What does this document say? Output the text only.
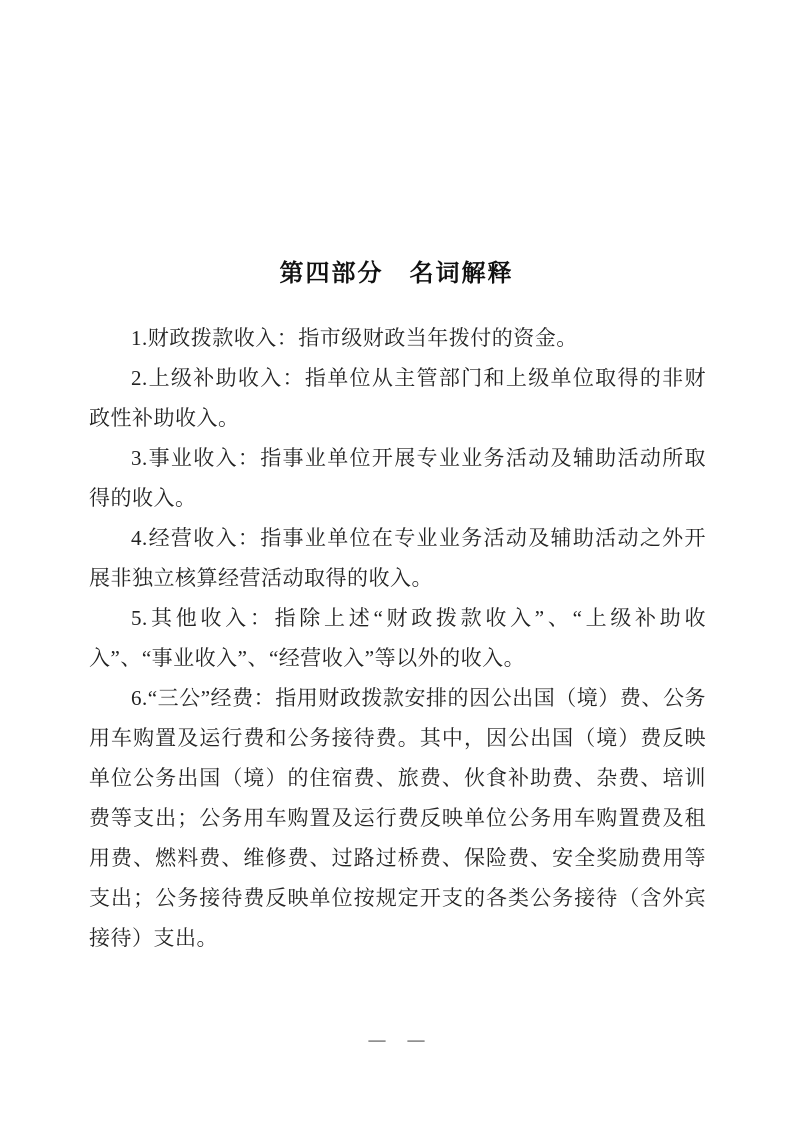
第四部分　名词解释

1.财政拨款收入：指市级财政当年拨付的资金。

2.上级补助收入：指单位从主管部门和上级单位取得的非财政性补助收入。

3.事业收入：指事业单位开展专业业务活动及辅助活动所取得的收入。

4.经营收入：指事业单位在专业业务活动及辅助活动之外开展非独立核算经营活动取得的收入。

5.其他收入：指除上述“财政拨款收入”、“上级补助收入”、“事业收入”、“经营收入”等以外的收入。

6.“三公”经费：指用财政拨款安排的因公出国（境）费、公务用车购置及运行费和公务接待费。其中，因公出国（境）费反映单位公务出国（境）的住宿费、旅费、伙食补助费、杂费、培训费等支出；公务用车购置及运行费反映单位公务用车购置费及租用费、燃料费、维修费、过路过桥费、保险费、安全奖励费用等支出；公务接待费反映单位按规定开支的各类公务接待（含外宾接待）支出。

— —
